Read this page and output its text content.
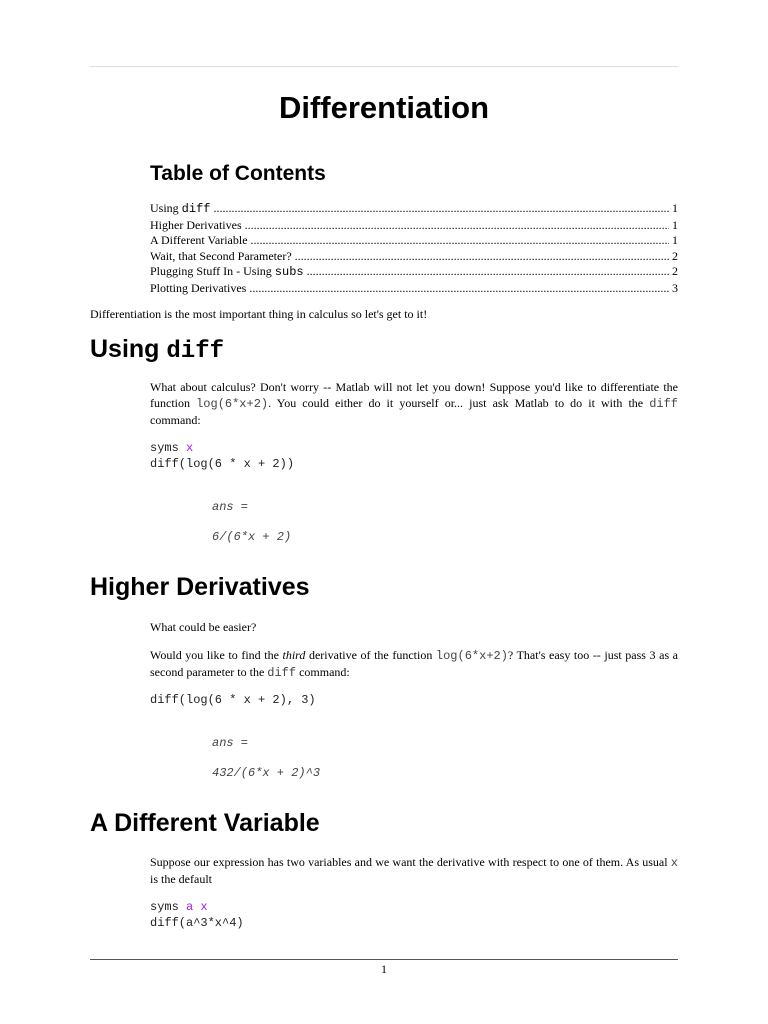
Differentiation
Table of Contents
Using diff .....	1
Higher Derivatives .....	1
A Different Variable .....	1
Wait, that Second Parameter? .....	2
Plugging Stuff In - Using subs .....	2
Plotting Derivatives .....	3

Differentiation is the most important thing in calculus so let's get to it!

Using diff

What about calculus? Don't worry -- Matlab will not let you down! Suppose you'd like to differentiate the function log(6*x+2). You could either do it yourself or... just ask Matlab to do it with the diff command:

syms x
diff(log(6 * x + 2))
ans =
6/(6*x + 2)
Higher Derivatives

What could be easier?

Would you like to find the third derivative of the function log(6*x+2)? That's easy too -- just pass 3 as a second parameter to the diff command:

diff(log(6 * x + 2), 3)
ans =
432/(6*x + 2)^3
A Different Variable

Suppose our expression has two variables and we want the derivative with respect to one of them. As usual x is the default

syms a x
diff(a^3*x^4)
1
